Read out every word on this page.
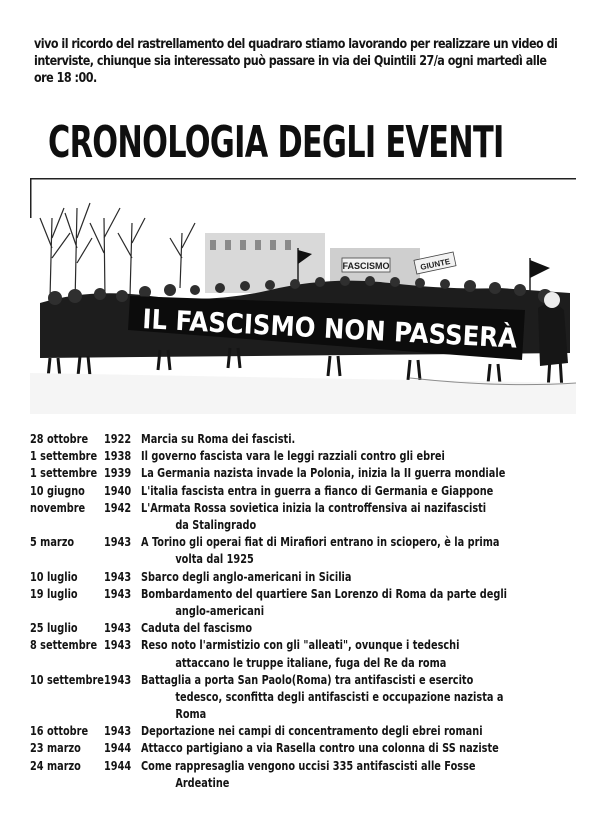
vivo il ricordo del rastrellamento del quadraro stiamo lavorando per realizzare un video di
interviste, chiunque sia interessato può passare in via dei Quintili 27/a ogni martedì alle
ore 18 :00.
CRONOLOGIA DEGLI EVENTI
FASCISMO	GIUNTE
IL FASCISMO NON PASSERÀ
28 ottobre 1922 Marcia su Roma dei fascisti.
1 settembre 1938 Il governo fascista vara le leggi razziali contro gli ebrei
1 settembre 1939 La Germania nazista invade la Polonia, inizia la II guerra mondiale
10 giugno 1940 L'italia fascista entra in guerra a fianco di Germania e Giappone
novembre 1942 L'Armata Rossa sovietica inizia la controffensiva ai nazifascisti
da Stalingrado
5 marzo 1943 A Torino gli operai fiat di Mirafiori entrano in sciopero, è la prima
volta dal 1925
10 luglio 1943 Sbarco degli anglo-americani in Sicilia
19 luglio 1943 Bombardamento del quartiere San Lorenzo di Roma da parte degli
anglo-americani
25 luglio 1943 Caduta del fascismo
8 settembre 1943 Reso noto l'armistizio con gli "alleati", ovunque i tedeschi
attaccano le truppe italiane, fuga del Re da roma
10 settembre 1943 Battaglia a porta San Paolo(Roma) tra antifascisti e esercito
tedesco, sconfitta degli antifascisti e occupazione nazista a
Roma
16 ottobre 1943 Deportazione nei campi di concentramento degli ebrei romani
23 marzo 1944 Attacco partigiano a via Rasella contro una colonna di SS naziste
24 marzo 1944 Come rappresaglia vengono uccisi 335 antifascisti alle Fosse
Ardeatine
